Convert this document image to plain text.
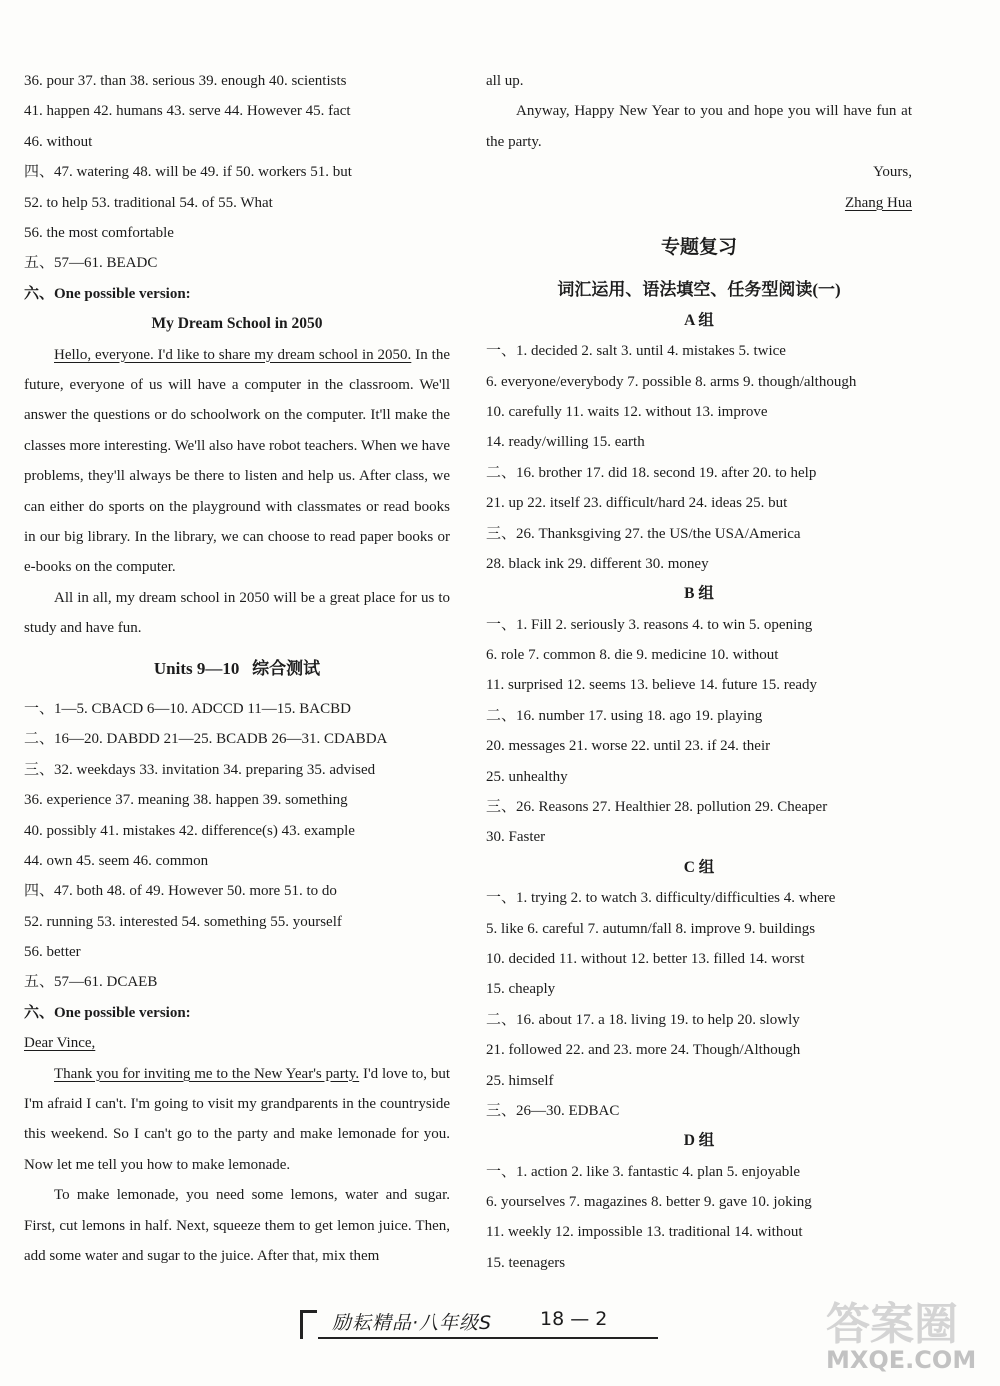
36. pour 37. than 38. serious 39. enough 40. scientists
41. happen 42. humans 43. serve 44. However 45. fact
46. without
四、47. watering 48. will be 49. if 50. workers 51. but
52. to help 53. traditional 54. of 55. What
56. the most comfortable
五、57—61. BEADC
六、One possible version:
My Dream School in 2050
Hello, everyone. I'd like to share my dream school in 2050. In the future, everyone of us will have a computer in the classroom. We'll answer the questions or do schoolwork on the computer. It'll make the classes more interesting. We'll also have robot teachers. When we have problems, they'll always be there to listen and help us. After class, we can either do sports on the playground with classmates or read books in our big library. In the library, we can choose to read paper books or e-books on the computer.
All in all, my dream school in 2050 will be a great place for us to study and have fun.
Units 9—10   综合测试
一、1—5. CBACD 6—10. ADCCD 11—15. BACBD
二、16—20. DABDD 21—25. BCADB 26—31. CDABDA
三、32. weekdays 33. invitation 34. preparing 35. advised
36. experience 37. meaning 38. happen 39. something
40. possibly 41. mistakes 42. difference(s) 43. example
44. own 45. seem 46. common
四、47. both 48. of 49. However 50. more 51. to do
52. running 53. interested 54. something 55. yourself
56. better
五、57—61. DCAEB
六、One possible version:
Dear Vince,
Thank you for inviting me to the New Year's party. I'd love to, but I'm afraid I can't. I'm going to visit my grandparents in the countryside this weekend. So I can't go to the party and make lemonade for you. Now let me tell you how to make lemonade.
To make lemonade, you need some lemons, water and sugar. First, cut lemons in half. Next, squeeze them to get lemon juice. Then, add some water and sugar to the juice. After that, mix them
all up.
Anyway, Happy New Year to you and hope you will have fun at the party.
Yours,
Zhang Hua
专题复习
词汇运用、语法填空、任务型阅读(一)
A 组
一、1. decided 2. salt 3. until 4. mistakes 5. twice
6. everyone/everybody 7. possible 8. arms 9. though/although
10. carefully 11. waits 12. without 13. improve
14. ready/willing 15. earth
二、16. brother 17. did 18. second 19. after 20. to help
21. up 22. itself 23. difficult/hard 24. ideas 25. but
三、26. Thanksgiving 27. the US/the USA/America
28. black ink 29. different 30. money
B 组
一、1. Fill 2. seriously 3. reasons 4. to win 5. opening
6. role 7. common 8. die 9. medicine 10. without
11. surprised 12. seems 13. believe 14. future 15. ready
二、16. number 17. using 18. ago 19. playing
20. messages 21. worse 22. until 23. if 24. their
25. unhealthy
三、26. Reasons 27. Healthier 28. pollution 29. Cheaper
30. Faster
C 组
一、1. trying 2. to watch 3. difficulty/difficulties 4. where
5. like 6. careful 7. autumn/fall 8. improve 9. buildings
10. decided 11. without 12. better 13. filled 14. worst
15. cheaply
二、16. about 17. a 18. living 19. to help 20. slowly
21. followed 22. and 23. more 24. Though/Although
25. himself
三、26—30. EDBAC
D 组
一、1. action 2. like 3. fantastic 4. plan 5. enjoyable
6. yourselves 7. magazines 8. better 9. gave 10. joking
11. weekly 12. impossible 13. traditional 14. without
15. teenagers
励耘精品·八年级S	18 — 2	答案圈
MXQE.COM
